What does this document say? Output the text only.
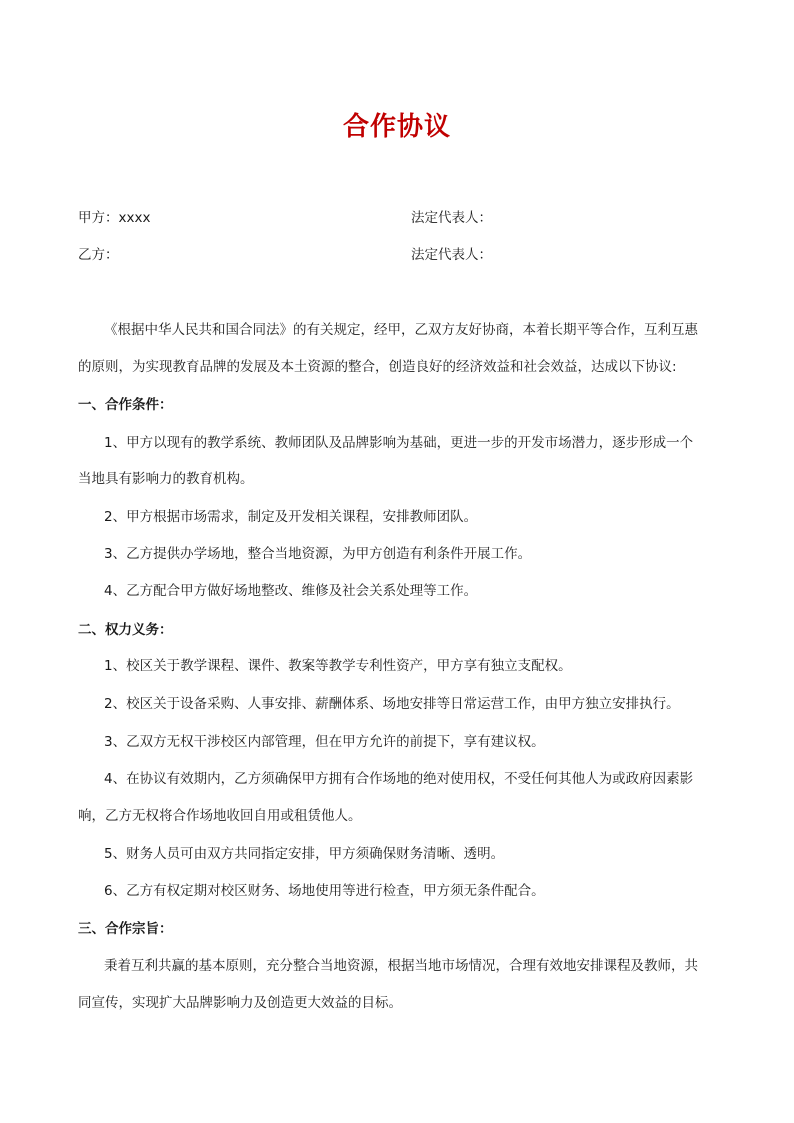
合作协议
甲方：xxxx	法定代表人：
乙方：	法定代表人：

《根据中华人民共和国合同法》的有关规定，经甲，乙双方友好协商，本着长期平等合作，互利互惠

的原则，为实现教育品牌的发展及本土资源的整合，创造良好的经济效益和社会效益，达成以下协议:

一、合作条件：

1、甲方以现有的教学系统、教师团队及品牌影响为基础，更进一步的开发市场潜力，逐步形成一个

当地具有影响力的教育机构。

2、甲方根据市场需求，制定及开发相关课程，安排教师团队。

3、乙方提供办学场地，整合当地资源，为甲方创造有利条件开展工作。

4、乙方配合甲方做好场地整改、维修及社会关系处理等工作。

二、权力义务：

1、校区关于教学课程、课件、教案等教学专利性资产，甲方享有独立支配权。

2、校区关于设备采购、人事安排、薪酬体系、场地安排等日常运营工作，由甲方独立安排执行。

3、乙双方无权干涉校区内部管理，但在甲方允许的前提下，享有建议权。

4、在协议有效期内，乙方须确保甲方拥有合作场地的绝对使用权，不受任何其他人为或政府因素影

响，乙方无权将合作场地收回自用或租赁他人。

5、财务人员可由双方共同指定安排，甲方须确保财务清晰、透明。

6、乙方有权定期对校区财务、场地使用等进行检查，甲方须无条件配合。

三、合作宗旨：

秉着互利共赢的基本原则，充分整合当地资源，根据当地市场情况，合理有效地安排课程及教师，共

同宣传，实现扩大品牌影响力及创造更大效益的目标。
